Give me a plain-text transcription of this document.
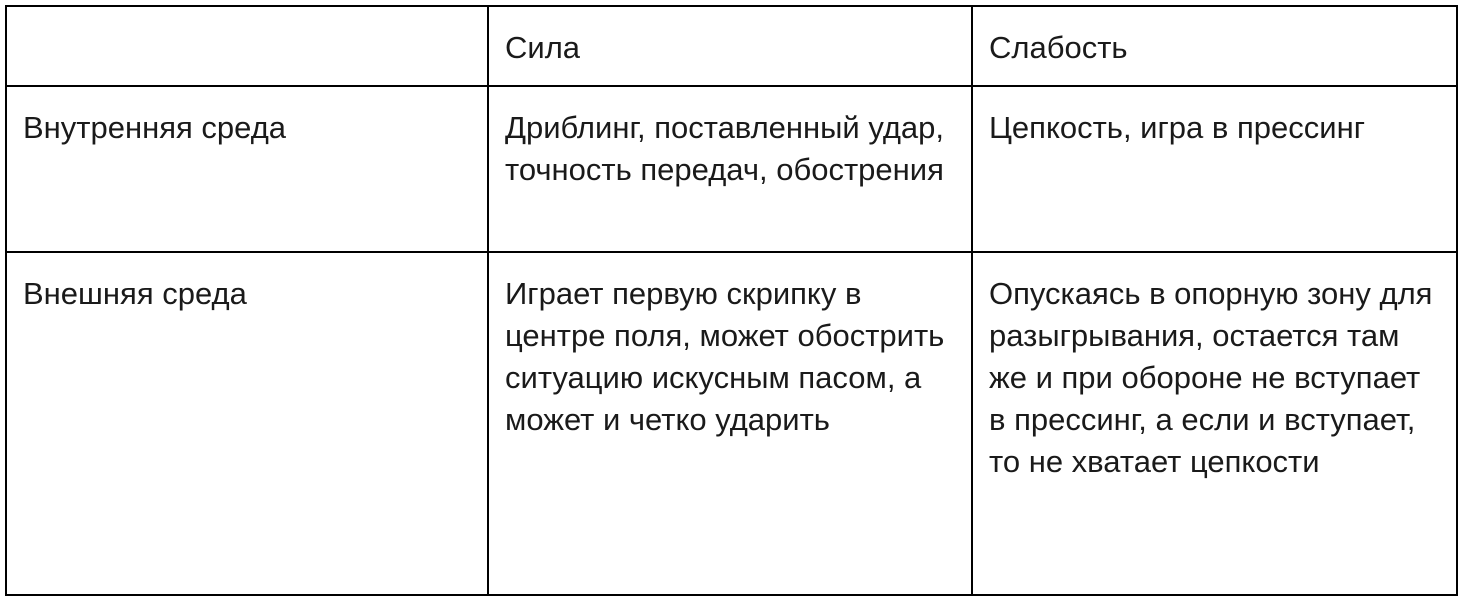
	Сила	Слабость
Внутренняя среда	Дриблинг, поставленный удар, точность передач, обострения	Цепкость, игра в прессинг
Внешняя среда	Играет первую скрипку в центре поля, может обострить ситуацию искусным пасом, а может и четко ударить	Опускаясь в опорную зону для разыгрывания, остается там же и при обороне не вступает в прессинг, а если и вступает, то не хватает цепкости
